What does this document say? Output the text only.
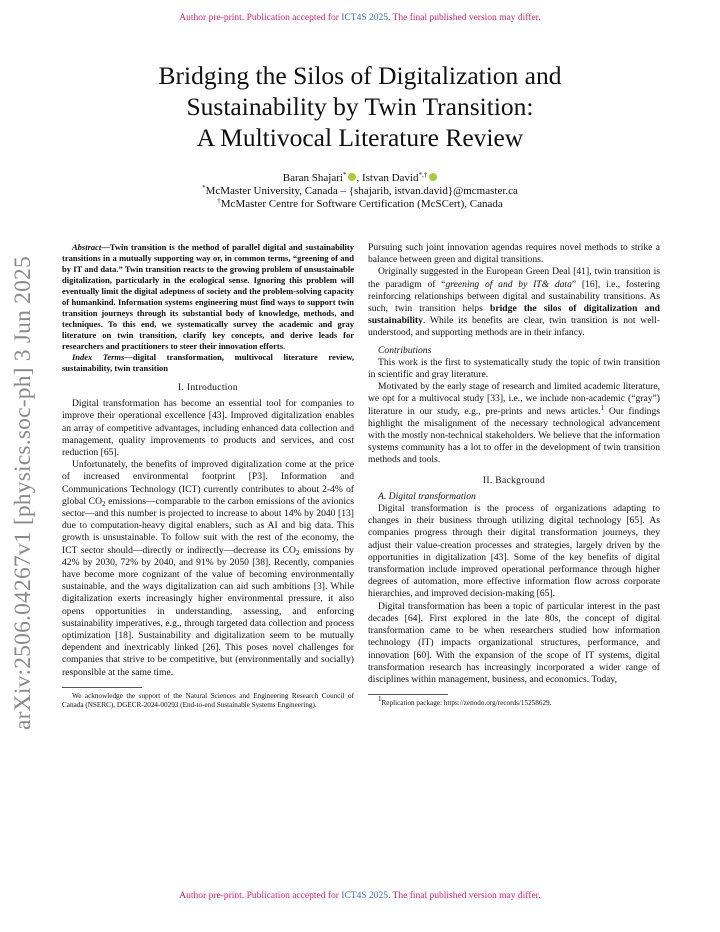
Author pre-print. Publication accepted for ICT4S 2025. The final published version may differ.
arXiv:2506.04267v1 [physics.soc-ph] 3 Jun 2025
Bridging the Silos of Digitalization and
Sustainability by Twin Transition:
A Multivocal Literature Review
Baran Shajari* , Istvan David*,†
*McMaster University, Canada – {shajarib, istvan.david}@mcmaster.ca
†McMaster Centre for Software Certification (McSCert), Canada

Abstract—Twin transition is the method of parallel digital and sustainability transitions in a mutually supporting way or, in common terms, “greening of and by IT and data.” Twin transition reacts to the growing problem of unsustainable digitalization, particularly in the ecological sense. Ignoring this problem will eventually limit the digital adeptness of society and the problem-solving capacity of humankind. Information systems engineering must find ways to support twin transition journeys through its substantial body of knowledge, methods, and techniques. To this end, we systematically survey the academic and gray literature on twin transition, clarify key concepts, and derive leads for researchers and practitioners to steer their innovation efforts.

Index Terms—digital transformation, multivocal literature review, sustainability, twin transition

I. Introduction

Digital transformation has become an essential tool for companies to improve their operational excellence [43]. Improved digitalization enables an array of competitive advantages, including enhanced data collection and management, quality improvements to products and services, and cost reduction [65].

Unfortunately, the benefits of improved digitalization come at the price of increased environmental footprint [P3]. Information and Communications Technology (ICT) currently contributes to about 2-4% of global $CO_2$ emissions—comparable to the carbon emissions of the avionics sector—and this number is projected to increase to about 14% by 2040 [13] due to computation-heavy digital enablers, such as AI and big data. This growth is unsustainable. To follow suit with the rest of the economy, the ICT sector should—directly or indirectly—decrease its $CO_2$ emissions by 42% by 2030, 72% by 2040, and 91% by 2050 [38]. Recently, companies have become more cognizant of the value of becoming environmentally sustainable, and the ways digitalization can aid such ambitions [3]. While digitalization exerts increasingly higher environmental pressure, it also opens opportunities in understanding, assessing, and enforcing sustainability imperatives, e.g., through targeted data collection and process optimization [18]. Sustainability and digitalization seem to be mutually dependent and inextricably linked [26]. This poses novel challenges for companies that strive to be competitive, but (environmentally and socially) responsible at the same time.

We acknowledge the support of the Natural Sciences and Engineering Research Council of Canada (NSERC), DGECR-2024-00293 (End-to-end Sustainable Systems Engineering).

Pursuing such joint innovation agendas requires novel methods to strike a balance between green and digital transitions.

Originally suggested in the European Green Deal [41], twin transition is the paradigm of “greening of and by IT& data” [16], i.e., fostering reinforcing relationships between digital and sustainability transitions. As such, twin transition helps bridge the silos of digitalization and sustainability. While its benefits are clear, twin transition is not well-understood, and supporting methods are in their infancy.

Contributions

This work is the first to systematically study the topic of twin transition in scientific and gray literature.

Motivated by the early stage of research and limited academic literature, we opt for a multivocal study [33], i.e., we include non-academic (“gray”) literature in our study, e.g., pre-prints and news articles.$^1$ Our findings highlight the misalignment of the necessary technological advancement with the mostly non-technical stakeholders. We believe that the information systems community has a lot to offer in the development of twin transition methods and tools.

II. Background

A. Digital transformation

Digital transformation is the process of organizations adapting to changes in their business through utilizing digital technology [65]. As companies progress through their digital transformation journeys, they adjust their value-creation processes and strategies, largely driven by the opportunities in digitalization [43]. Some of the key benefits of digital transformation include improved operational performance through higher degrees of automation, more effective information flow across corporate hierarchies, and improved decision-making [65].

Digital transformation has been a topic of particular interest in the past decades [64]. First explored in the late 80s, the concept of digital transformation came to be when researchers studied how information technology (IT) impacts organizational structures, performance, and innovation [60]. With the expansion of the scope of IT systems, digital transformation research has increasingly incorporated a wider range of disciplines within management, business, and economics. Today,

$^1$Replication package: https://zenodo.org/records/15258629.

Author pre-print. Publication accepted for ICT4S 2025. The final published version may differ.
